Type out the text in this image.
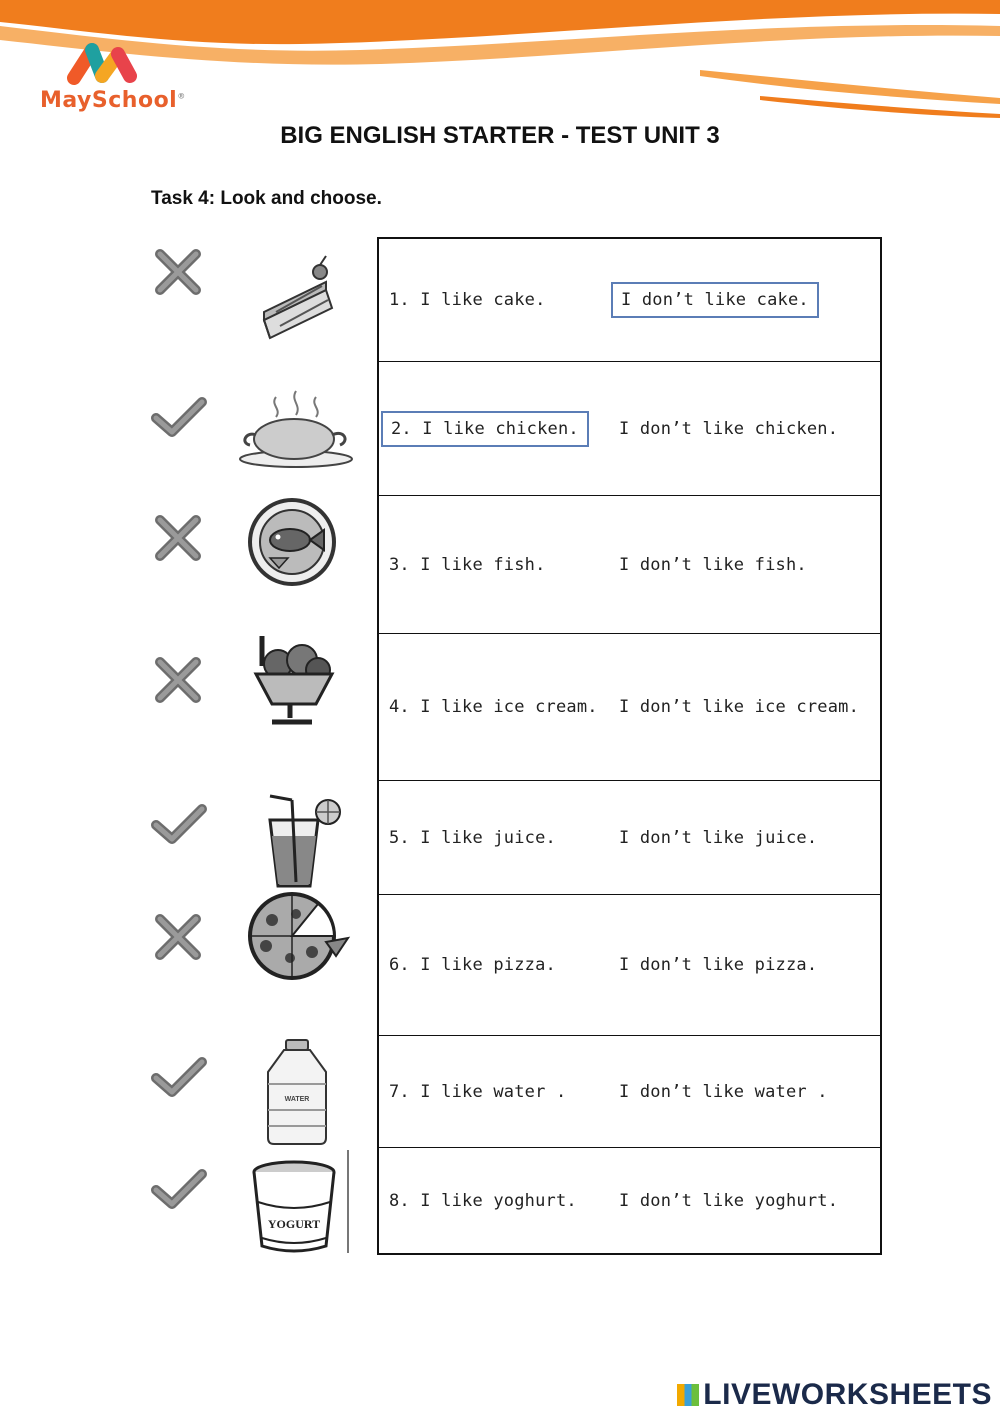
MaySchool®
BIG ENGLISH STARTER - TEST UNIT 3
Task 4: Look and choose.
WATER
YOGURT
1. I like cake.	I don’t like cake.
2. I like chicken.	I don’t like chicken.
3. I like fish.	I don’t like fish.
4. I like ice cream.	I don’t like ice cream.
5. I like juice.	I don’t like juice.
6. I like pizza.	I don’t like pizza.
7. I like water .	I don’t like water .
8. I like yoghurt.	I don’t like yoghurt.
LIVEWORKSHEETS
